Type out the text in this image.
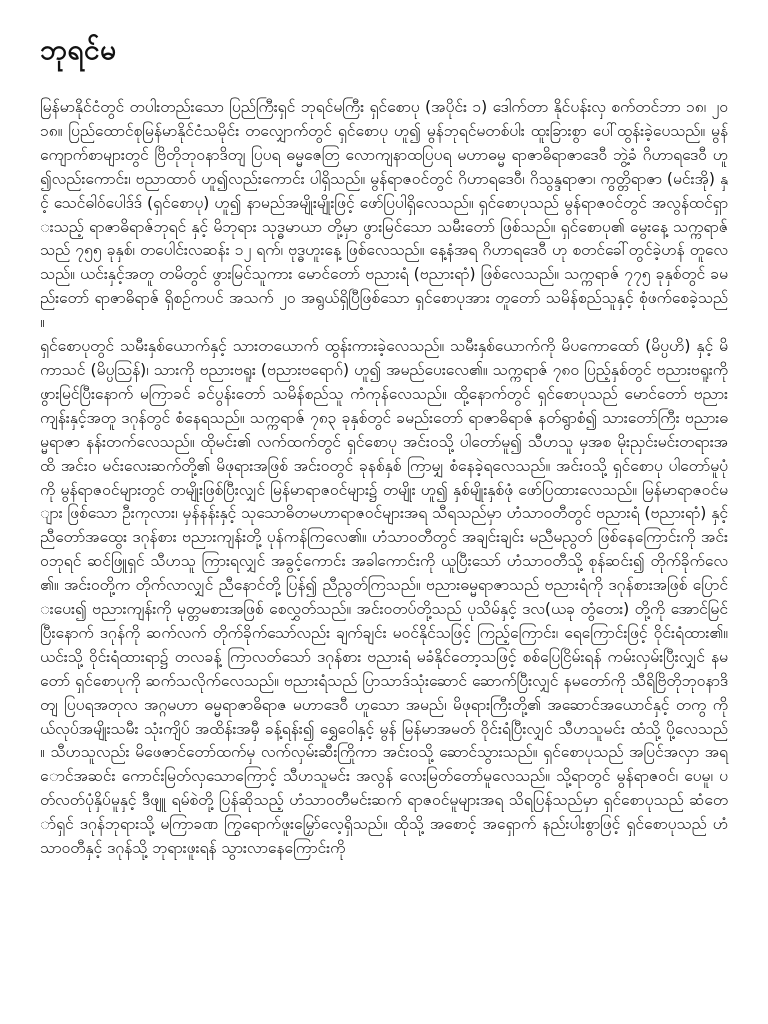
ဘုရင်မ

မြန်မာနိုင်ငံတွင် တပါးတည်းသော ပြည်ကြီးရှင် ဘုရင်မကြီး ရှင်စောပု (အပိုင်း ၁) ဒေါက်တာ နိုင်ပန်းလှ စက်တင်ဘာ ၁၈၊ ၂၀၁၈။ ပြည်ထောင်စုမြန်မာနိုင်ငံသမိုင်း တလျှောက်တွင် ရှင်စောပု ဟူ၍ မွန်ဘုရင်မတစ်ပါး ထူးခြားစွာ ပေါ်ထွန်းခဲ့ပေသည်။ မွန်ကျောက်စာများတွင် ဗြိတိုဘုဝနာဒိတျ ပြပရ ဓမ္မဇေတြ လောကျနာထပြပရ မဟာဓမ္မ ရာဇာဓိရာဇာဒေဝီ ဘွဲ့ခံ ဂိဟာရဒေဝီ ဟူ၍လည်းကောင်း၊ ဗညာထာဝ် ဟူ၍လည်းကောင်း ပါရှိသည်။ မွန်ရာဇဝင်တွင် ဂိဟာရဒေဝီ၊ ဂိသွန္ဒရာဇာ၊ ကွတ္တိရာဇာ (မင်းအို) နှင့် သေင်ဓါဝ်ပေါဒ်ဒ် (ရှင်စောပု) ဟူ၍ နာမည်အမျိုးမျိုးဖြင့် ဖော်ပြပါရှိလေသည်။ ရှင်စောပုသည် မွန်ရာဇဝင်တွင် အလွန်ထင်ရှားသည့် ရာဇာဓိရာဇ်ဘုရင် နှင့် မိဘုရား သုဒ္ဓမာယာ တို့မှာ ဖွားမြင်သော သမီးတော် ဖြစ်သည်။ ရှင်စောပု၏ မွေးနေ့ သက္ကရာဇ်သည် ၇၅၅ ခုနှစ်၊ တပေါင်းလဆန်း ၁၂ ရက်၊ ဗုဒ္ဓဟူးနေ့ ဖြစ်လေသည်။ နေ့နံအရ ဂိဟာရဒေဝီ ဟု စတင်ခေါ်တွင်ခဲ့ဟန် တူလေသည်။ ယင်းနှင့်အတူ တမိတွင် ဖွားမြင်သူကား မောင်တော် ဗညားရံ (ဗညားရာံ) ဖြစ်လေသည်။ သက္ကရာဇ် ၇၇၅ ခုနှစ်တွင် ခမည်းတော် ရာဇာဓိရာဇ် ရှိစဉ်ကပင် အသက် ၂၀ အရွယ်ရှိပြီဖြစ်သော ရှင်စောပုအား တူတော် သမိန်စည်သူနှင့် စုံဖက်စေခဲ့သည်။

ရှင်စောပုတွင် သမီးနှစ်ယောက်နှင့် သားတယောက် ထွန်းကားခဲ့လေသည်။ သမီးနှစ်ယောက်ကို မိပကောထော် (မိပ္ပဟိ) နှင့် မိကာသင် (မိပ္ပသြန်)၊ သားကို ဗညားဗရူး (ဗညားဗရောဂ်) ဟူ၍ အမည်ပေးလေ၏။ သက္ကရာဇ် ၇၈၀ ပြည့်နှစ်တွင် ဗညားဗရူးကို ဖွားမြင်ပြီးနောက် မကြာခင် ခင်ပွန်းတော် သမိန်စည်သူ ကံကုန်လေသည်။ ထို့နောက်တွင် ရှင်စောပုသည် မောင်တော် ဗညားကျန်းနှင့်အတူ ဒဂုန်တွင် စံနေရသည်။ သက္ကရာဇ် ၇၈၃ ခုနှစ်တွင် ခမည်းတော် ရာဇာဓိရာဇ် နတ်ရွာစံ၍ သားတော်ကြီး ဗညားဓမ္မရာဇာ နန်းတက်လေသည်။ ထိုမင်း၏ လက်ထက်တွင် ရှင်စောပု အင်းဝသို့ ပါတော်မူ၍ သီဟသူ မှအစ မိုးညှင်းမင်းတရားအထိ အင်း၀ မင်းလေးဆက်တို့၏ မိဖုရားအဖြစ် အင်း၀တွင် ခုနစ်နှစ် ကြာမျှ စံနေခဲ့ရလေသည်။ အင်း၀သို့ ရှင်စောပု ပါတော်မူပုံကို မွန်ရာဇဝင်များတွင် တမျိုးဖြစ်ပြီးလျှင် မြန်မာရာဇဝင်များ၌ တမျိုး ဟူ၍ နှစ်မျိုးနှစ်ဖုံ ဖော်ပြထားလေသည်။ မြန်မာရာဇဝင်များ ဖြစ်သော ဦးကုလား၊ မှန်နန်းနှင့် သုသောဓိတမဟာရာဇဝင်များအရ သီရသည်မှာ ဟံသာဝတီတွင် ဗညားရံ (ဗညားရာံ) နှင့် ညီတော်အထွေး ဒဂုန်စား ဗညားကျန်းတို့ ပုန်ကန်ကြလေ၏။ ဟံသာဝတီတွင် အချင်းချင်း မညီမညွတ် ဖြစ်နေကြောင်းကို အင်း၀ဘုရင် ဆင်ဖြူရှင် သီဟသူ ကြားရလျှင် အခွင့်ကောင်း အခါကောင်းကို ယူပြီးသော် ဟံသာဝတီသို့ စုန်ဆင်း၍ တိုက်ခိုက်လေ၏။ အင်း၀တို့က တိုက်လာလျှင် ညီနောင်တို့ ပြန်၍ ညီညွတ်ကြသည်။ ဗညားဓမ္မရာဇာသည် ဗညားရံကို ဒဂုန်စားအဖြစ် ပြောင်းပေး၍ ဗညားကျန်းကို မုတ္တမစားအဖြစ် စေလွှတ်သည်။ အင်း၀တပ်တို့သည် ပုသိမ်နှင့် ဒလ(ယခု တွံတေး) တို့ကို အောင်မြင်ပြီးနောက် ဒဂုန်ကို ဆက်လက် တိုက်ခိုက်သော်လည်း ချက်ချင်း မဝင်နိုင်သဖြင့် ကြည့်ကြောင်း၊ ရေကြောင်းဖြင့် ဝိုင်းရံထား၏။ ယင်းသို့ ဝိုင်းရံထားရာ၌ တလခန့် ကြာလတ်သော် ဒဂုန်စား ဗညားရံ မခံနိုင်တော့သဖြင့် စစ်ပြေငြိမ်းရန် ကမ်းလှမ်းပြီးလျှင် နမတော် ရှင်စောပုကို ဆက်သလိုက်လေသည်။ ဗညားရံသည် ပြာသာဒ်သုံးဆောင် ဆောက်ပြီးလျှင် နမတော်ကို သီရိဗြိတိုဘုဝနာဒိတျ ပြပရအတုလ အဂ္ဂမဟာ ဓမ္မရာဇာဓိရာဇ မဟာဒေဝီ ဟူသော အမည်၊ မိဖုရားကြီးတို့၏ အဆောင်အယောင်နှင့် တကွ ကိုယ်လုပ်အမျိုးသမီး သုံးကျိပ် အထိန်းအမှီ ခန့်ရန်း၍ ရွှေဝေါနှင့် မွန် မြန်မာအမတ် ဝိုင်းရံပြီးလျှင် သီဟသူမင်း ထံသို့ ပို့လေသည်။ သီဟသူလည်း မိဖေဇာင်တော်ထက်မှ လက်လှမ်းဆီးကြိုကာ အင်း၀သို့ ဆောင်သွားသည်။ ရှင်စောပုသည် အပြင်အလှာ အရောင်အဆင်း ကောင်းမြတ်လှသောကြောင့် သီဟသူမင်း အလွန် လေးမြတ်တော်မူလေသည်။ သို့ရာတွင် မွန်ရာဇဝင်၊ ပေမူ၊ ပတ်လတ်ပုံနှိပ်မူနှင့် ဒီဖျူ ရမ်စဲတို့ ပြန်ဆိုသည့် ဟံသာဝတီမင်းဆက် ရာဇဝင်မူများအရ သိရပြန်သည်မှာ ရှင်စောပုသည် ဆံတော်ရှင် ဒဂုန်ဘုရားသို့ မကြာခဏ ကြွရောက်ဖူးမြှော်လေ့ရှိသည်။ ထိုသို့ အစောင့် အရှောက် နည်းပါးစွာဖြင့် ရှင်စောပုသည် ဟံသာဝတီနှင့် ဒဂုန်သို့ ဘုရားဖူးရန် သွားလာနေကြောင်းကို
